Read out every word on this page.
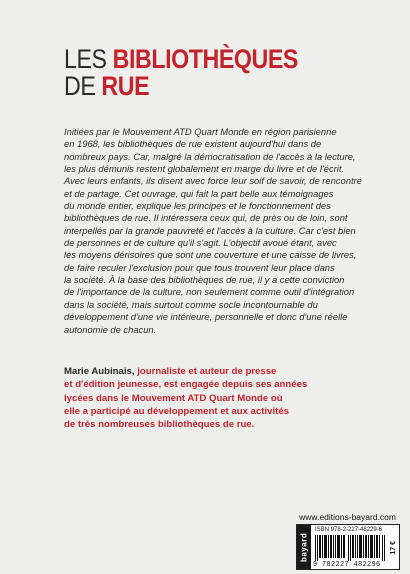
LES BIBLIOTHÈQUES
DE RUE
Initiées par le Mouvement ATD Quart Monde en région parisienne
en 1968, les bibliothèques de rue existent aujourd'hui dans de
nombreux pays. Car, malgré la démocratisation de l'accès à la lecture,
les plus démunis restent globalement en marge du livre et de l'écrit.
Avec leurs enfants, ils disent avec force leur soif de savoir, de rencontre
et de partage. Cet ouvrage, qui fait la part belle aux témoignages
du monde entier, explique les principes et le fonctionnement des
bibliothèques de rue. Il intéressera ceux qui, de près ou de loin, sont
interpellés par la grande pauvreté et l'accès à la culture. Car c'est bien
de personnes et de culture qu'il s'agit. L'objectif avoué étant, avec
les moyens dérisoires que sont une couverture et une caisse de livres,
de faire reculer l'exclusion pour que tous trouvent leur place dans
la société. À la base des bibliothèques de rue, il y a cette conviction
de l'importance de la culture, non seulement comme outil d'intégration
dans la société, mais surtout comme socle incontournable du
développement d'une vie intérieure, personnelle et donc d'une réelle
autonomie de chacun.
Marie Aubinais, journaliste et auteur de presse
et d'édition jeunesse, est engagée depuis ses années
lycées dans le Mouvement ATD Quart Monde où
elle a participé au développement et aux activités
de très nombreuses bibliothèques de rue.
www.editions-bayard.com
bayard
ISBN 978-2-227-48229-6
9 782227 482296
17 €
